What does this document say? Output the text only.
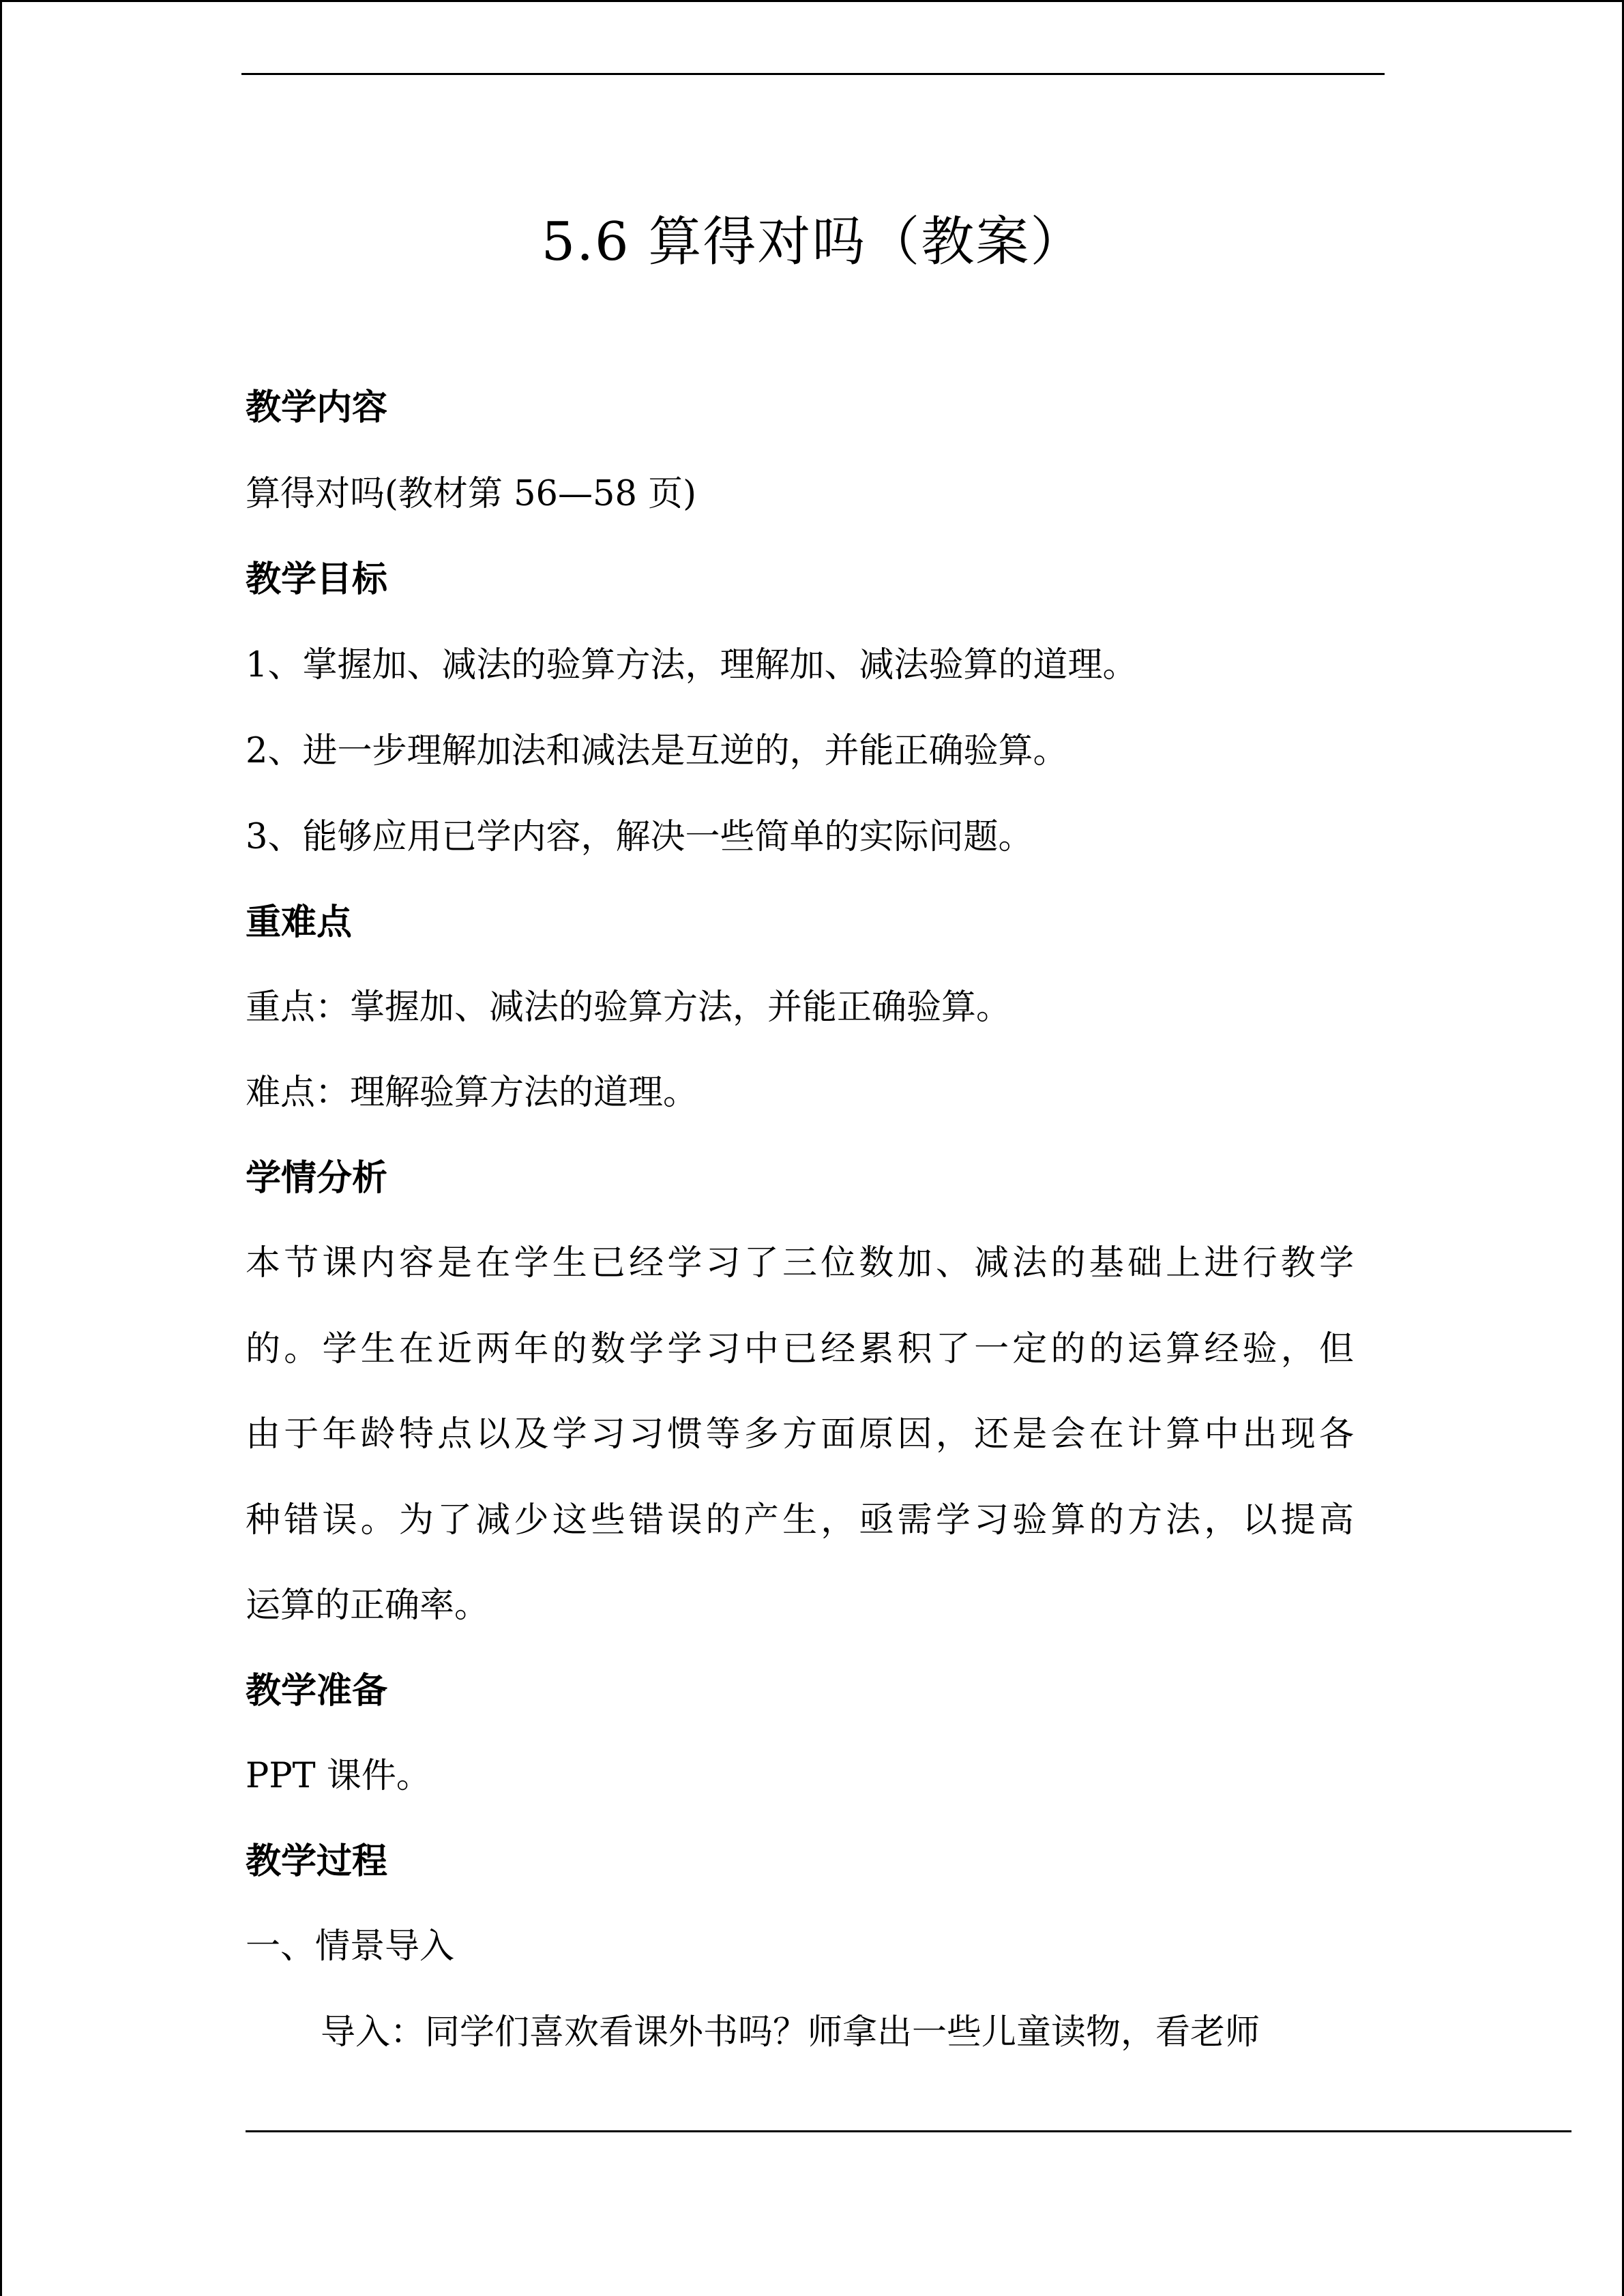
5.6 算得对吗（教案）
教学内容
算得对吗(教材第 56—58 页)
教学目标
1、掌握加、减法的验算方法，理解加、减法验算的道理。
2、进一步理解加法和减法是互逆的，并能正确验算。
3、能够应用已学内容，解决一些简单的实际问题。
重难点
重点：掌握加、减法的验算方法，并能正确验算。
难点：理解验算方法的道理。
学情分析
本节课内容是在学生已经学习了三位数加、减法的基础上进行教学
的。学生在近两年的数学学习中已经累积了一定的的运算经验，但
由于年龄特点以及学习习惯等多方面原因，还是会在计算中出现各
种错误。为了减少这些错误的产生，亟需学习验算的方法，以提高
运算的正确率。
教学准备
PPT 课件。
教学过程
一、情景导入
导入：同学们喜欢看课外书吗？师拿出一些儿童读物，看老师
